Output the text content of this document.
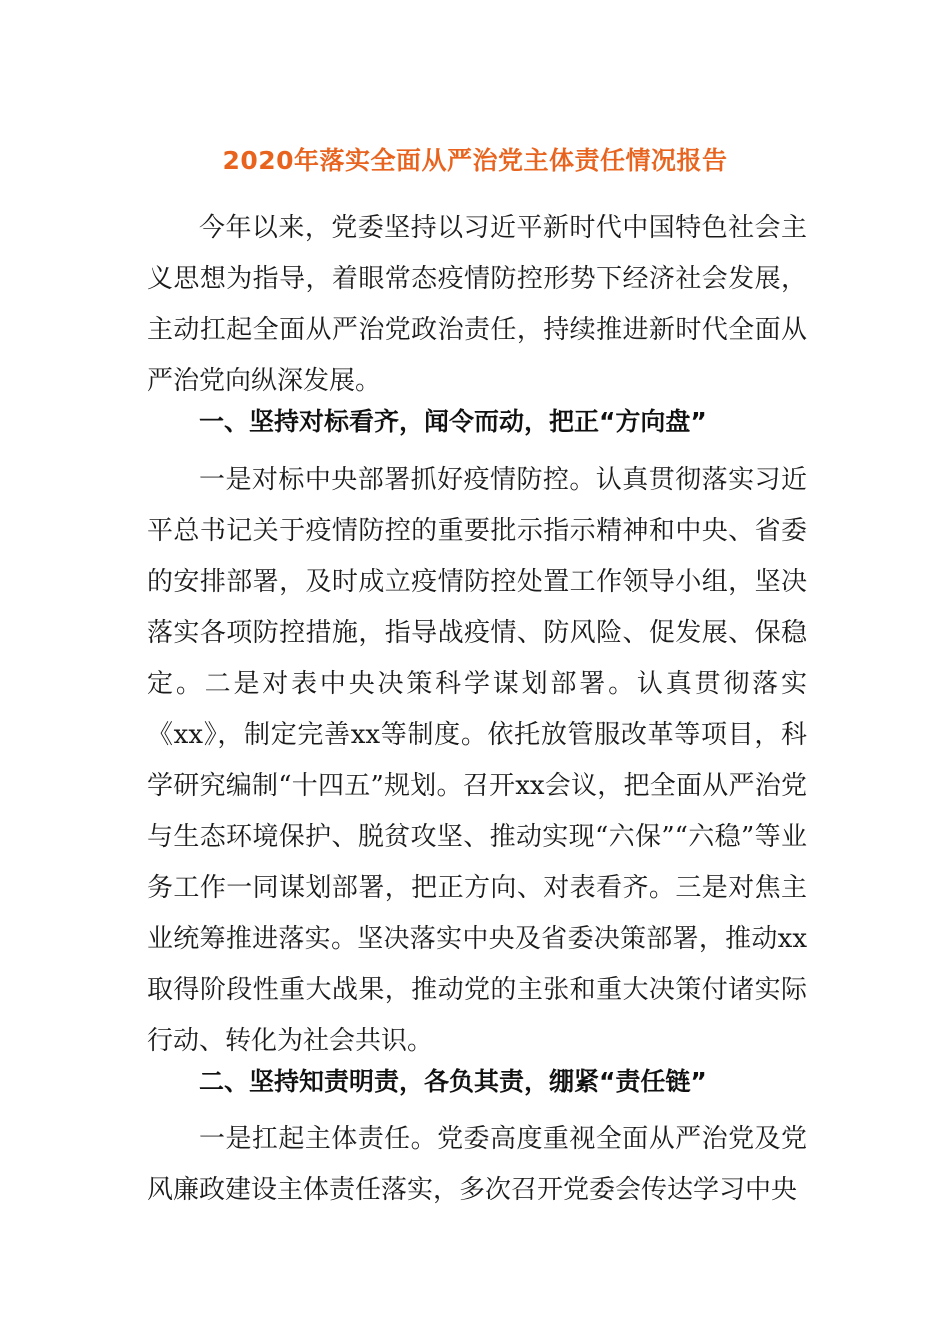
2020年落实全面从严治党主体责任情况报告
今年以来，党委坚持以习近平新时代中国特色社会主义思想为指导，着眼常态疫情防控形势下经济社会发展，主动扛起全面从严治党政治责任，持续推进新时代全面从严治党向纵深发展。
一、坚持对标看齐，闻令而动，把正“方向盘”
一是对标中央部署抓好疫情防控。认真贯彻落实习近平总书记关于疫情防控的重要批示指示精神和中央、省委的安排部署，及时成立疫情防控处置工作领导小组，坚决落实各项防控措施，指导战疫情、防风险、促发展、保稳定。二是对表中央决策科学谋划部署。认真贯彻落实《xx》，制定完善xx等制度。依托放管服改革等项目，科学研究编制“十四五”规划。召开xx会议，把全面从严治党与生态环境保护、脱贫攻坚、推动实现“六保”“六稳”等业务工作一同谋划部署，把正方向、对表看齐。三是对焦主业统筹推进落实。坚决落实中央及省委决策部署，推动xx取得阶段性重大战果，推动党的主张和重大决策付诸实际行动、转化为社会共识。
二、坚持知责明责，各负其责，绷紧“责任链”
一是扛起主体责任。党委高度重视全面从严治党及党风廉政建设主体责任落实，多次召开党委会传达学习中央
